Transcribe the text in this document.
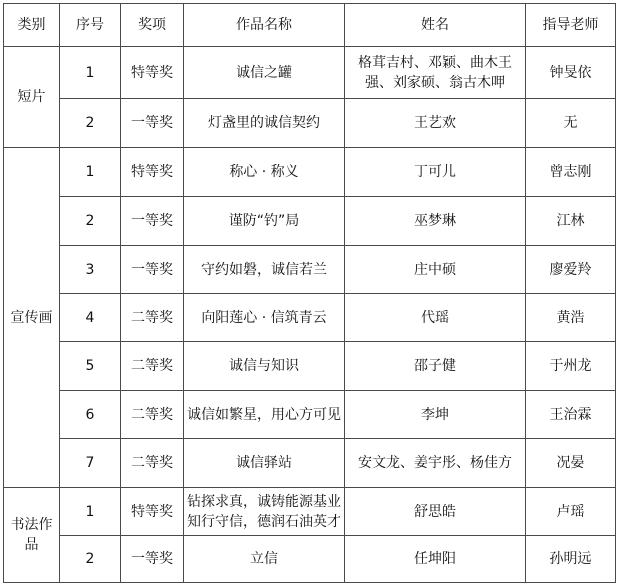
类别	序号	奖项	作品名称	姓名	指导老师
短片	1	特等奖	诚信之罐	格茸吉村、邓颖、曲木王强、刘家硕、翁古木呷	钟旻依
	2	一等奖	灯盏里的诚信契约	王艺欢	无
宣传画	1	特等奖	称心 · 称义	丁可儿	曾志刚
	2	一等奖	谨防“钓”局	巫梦琳	江林
	3	一等奖	守约如磐，诚信若兰	庄中硕	廖爱羚
	4	二等奖	向阳莲心 · 信筑青云	代瑶	黄浩
	5	二等奖	诚信与知识	邵子健	于州龙
	6	二等奖	诚信如繁星，用心方可见	李坤	王治霖
	7	二等奖	诚信驿站	安文龙、姜宇彤、杨佳方	况晏
书法作品	1	特等奖	钻探求真，诚铸能源基业知行守信，德润石油英才	舒思皓	卢瑶
	2	一等奖	立信	任坤阳	孙明远
